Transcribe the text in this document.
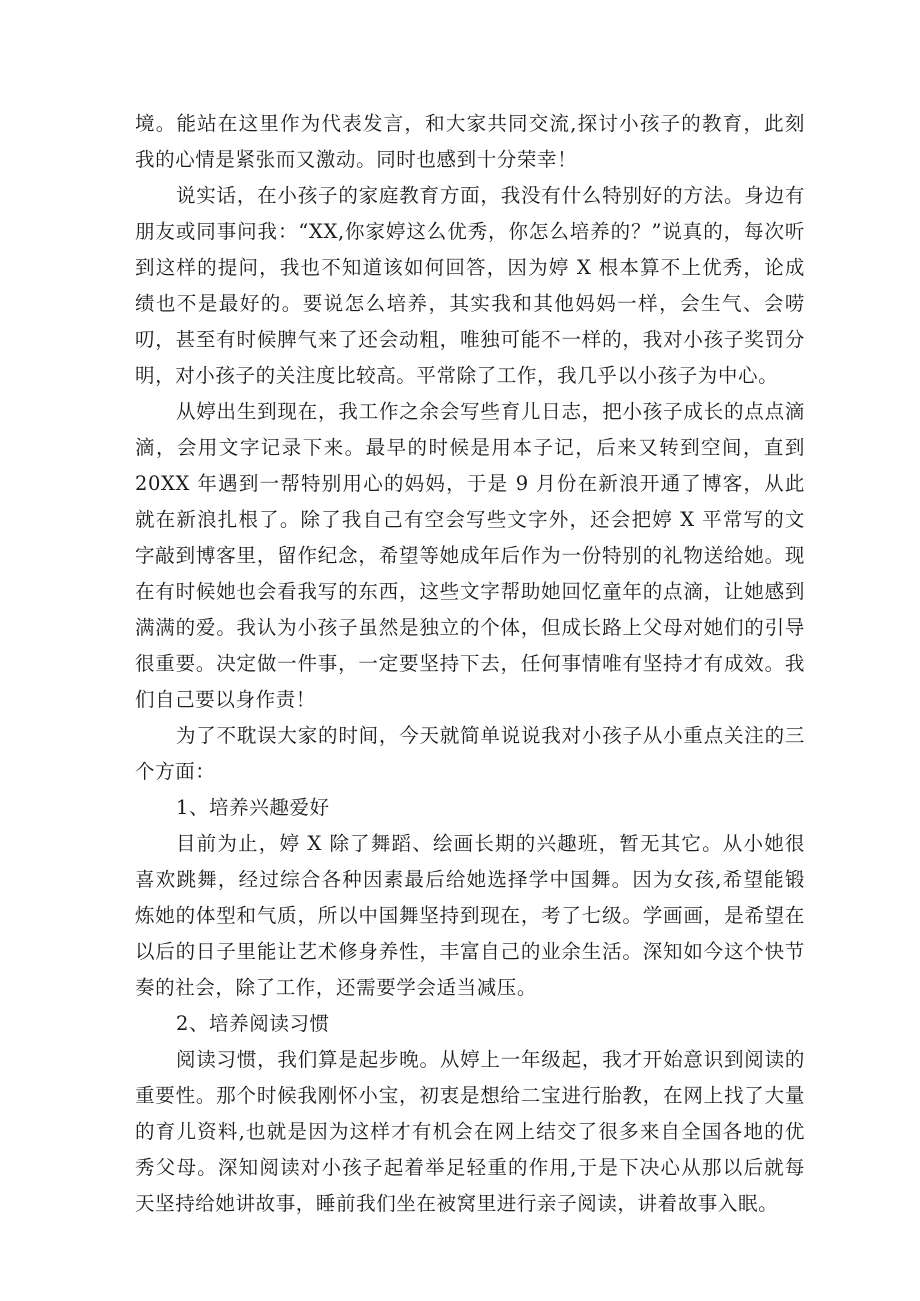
境。能站在这里作为代表发言，和大家共同交流,探讨小孩子的教育，此刻我的心情是紧张而又激动。同时也感到十分荣幸！

说实话，在小孩子的家庭教育方面，我没有什么特别好的方法。身边有朋友或同事问我：“XX,你家婷这么优秀，你怎么培养的？”说真的，每次听到这样的提问，我也不知道该如何回答，因为婷 X 根本算不上优秀，论成绩也不是最好的。要说怎么培养，其实我和其他妈妈一样，会生气、会唠叨，甚至有时候脾气来了还会动粗，唯独可能不一样的，我对小孩子奖罚分明，对小孩子的关注度比较高。平常除了工作，我几乎以小孩子为中心。

从婷出生到现在，我工作之余会写些育儿日志，把小孩子成长的点点滴滴，会用文字记录下来。最早的时候是用本子记，后来又转到空间，直到 20XX 年遇到一帮特别用心的妈妈，于是 9 月份在新浪开通了博客，从此就在新浪扎根了。除了我自己有空会写些文字外，还会把婷 X 平常写的文字敲到博客里，留作纪念，希望等她成年后作为一份特别的礼物送给她。现在有时候她也会看我写的东西，这些文字帮助她回忆童年的点滴，让她感到满满的爱。我认为小孩子虽然是独立的个体，但成长路上父母对她们的引导很重要。决定做一件事，一定要坚持下去，任何事情唯有坚持才有成效。我们自己要以身作责！

为了不耽误大家的时间，今天就简单说说我对小孩子从小重点关注的三个方面：

1、培养兴趣爱好

目前为止，婷 X 除了舞蹈、绘画长期的兴趣班，暂无其它。从小她很喜欢跳舞，经过综合各种因素最后给她选择学中国舞。因为女孩,希望能锻炼她的体型和气质，所以中国舞坚持到现在，考了七级。学画画，是希望在以后的日子里能让艺术修身养性，丰富自己的业余生活。深知如今这个快节奏的社会，除了工作，还需要学会适当减压。

2、培养阅读习惯

阅读习惯，我们算是起步晚。从婷上一年级起，我才开始意识到阅读的重要性。那个时候我刚怀小宝，初衷是想给二宝进行胎教，在网上找了大量的育儿资料,也就是因为这样才有机会在网上结交了很多来自全国各地的优秀父母。深知阅读对小孩子起着举足轻重的作用,于是下决心从那以后就每天坚持给她讲故事，睡前我们坐在被窝里进行亲子阅读，讲着故事入眠。
